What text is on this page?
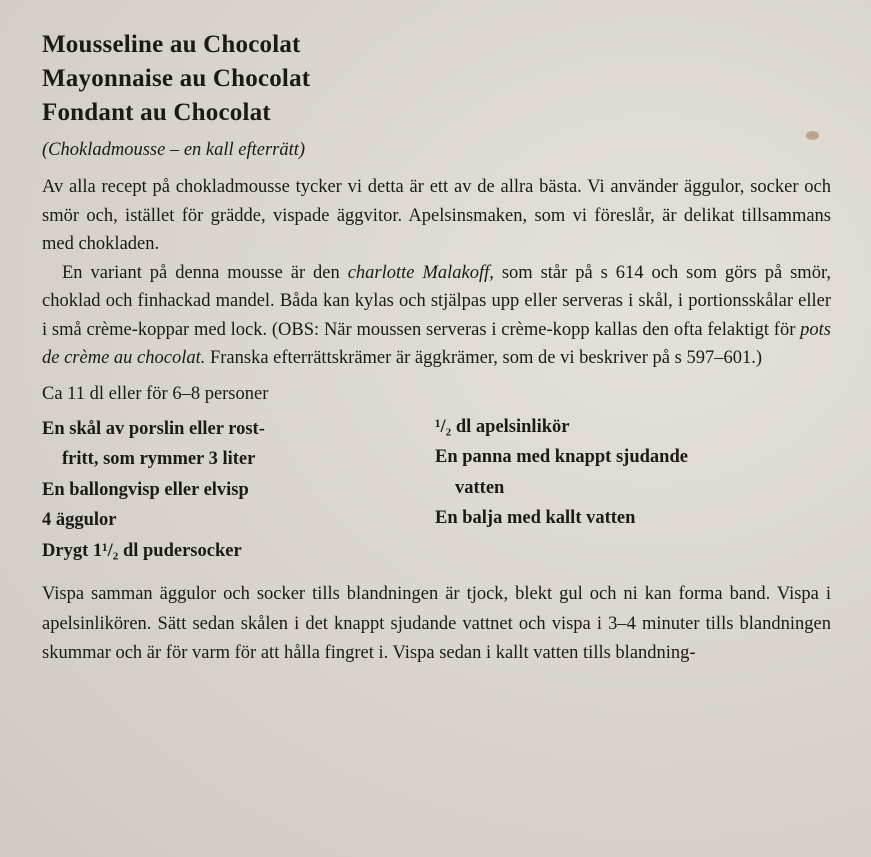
Mousseline au Chocolat
Mayonnaise au Chocolat
Fondant au Chocolat
(Chokladmousse – en kall efterrätt)

Av alla recept på chokladmousse tycker vi detta är ett av de allra bästa. Vi använder äggulor, socker och smör och, istället för grädde, vispade äggvitor. Apelsinsmaken, som vi föreslår, är delikat tillsammans med chokladen.

En variant på denna mousse är den charlotte Malakoff, som står på s 614 och som görs på smör, choklad och finhackad mandel. Båda kan kylas och stjälpas upp eller serveras i skål, i portionsskålar eller i små crème-koppar med lock. (OBS: När moussen serveras i crème-kopp kallas den ofta felaktigt för pots de crème au chocolat. Franska efterrättskrämer är äggkrämer, som de vi beskriver på s 597–601.)

Ca 11 dl eller för 6–8 personer
En skål av porslin eller rost-
fritt, som rymmer 3 liter
En ballongvisp eller elvisp
4 äggulor
Drygt 1¹/₂ dl pudersocker
¹/₂ dl apelsinlikör
En panna med knappt sjudande
vatten
En balja med kallt vatten

Vispa samman äggulor och socker tills blandningen är tjock, blekt gul och ni kan forma band. Vispa i apelsinlikören. Sätt sedan skålen i det knappt sjudande vattnet och vispa i 3–4 minuter tills blandningen skummar och är för varm för att hålla fingret i. Vispa sedan i kallt vatten tills blandning-
